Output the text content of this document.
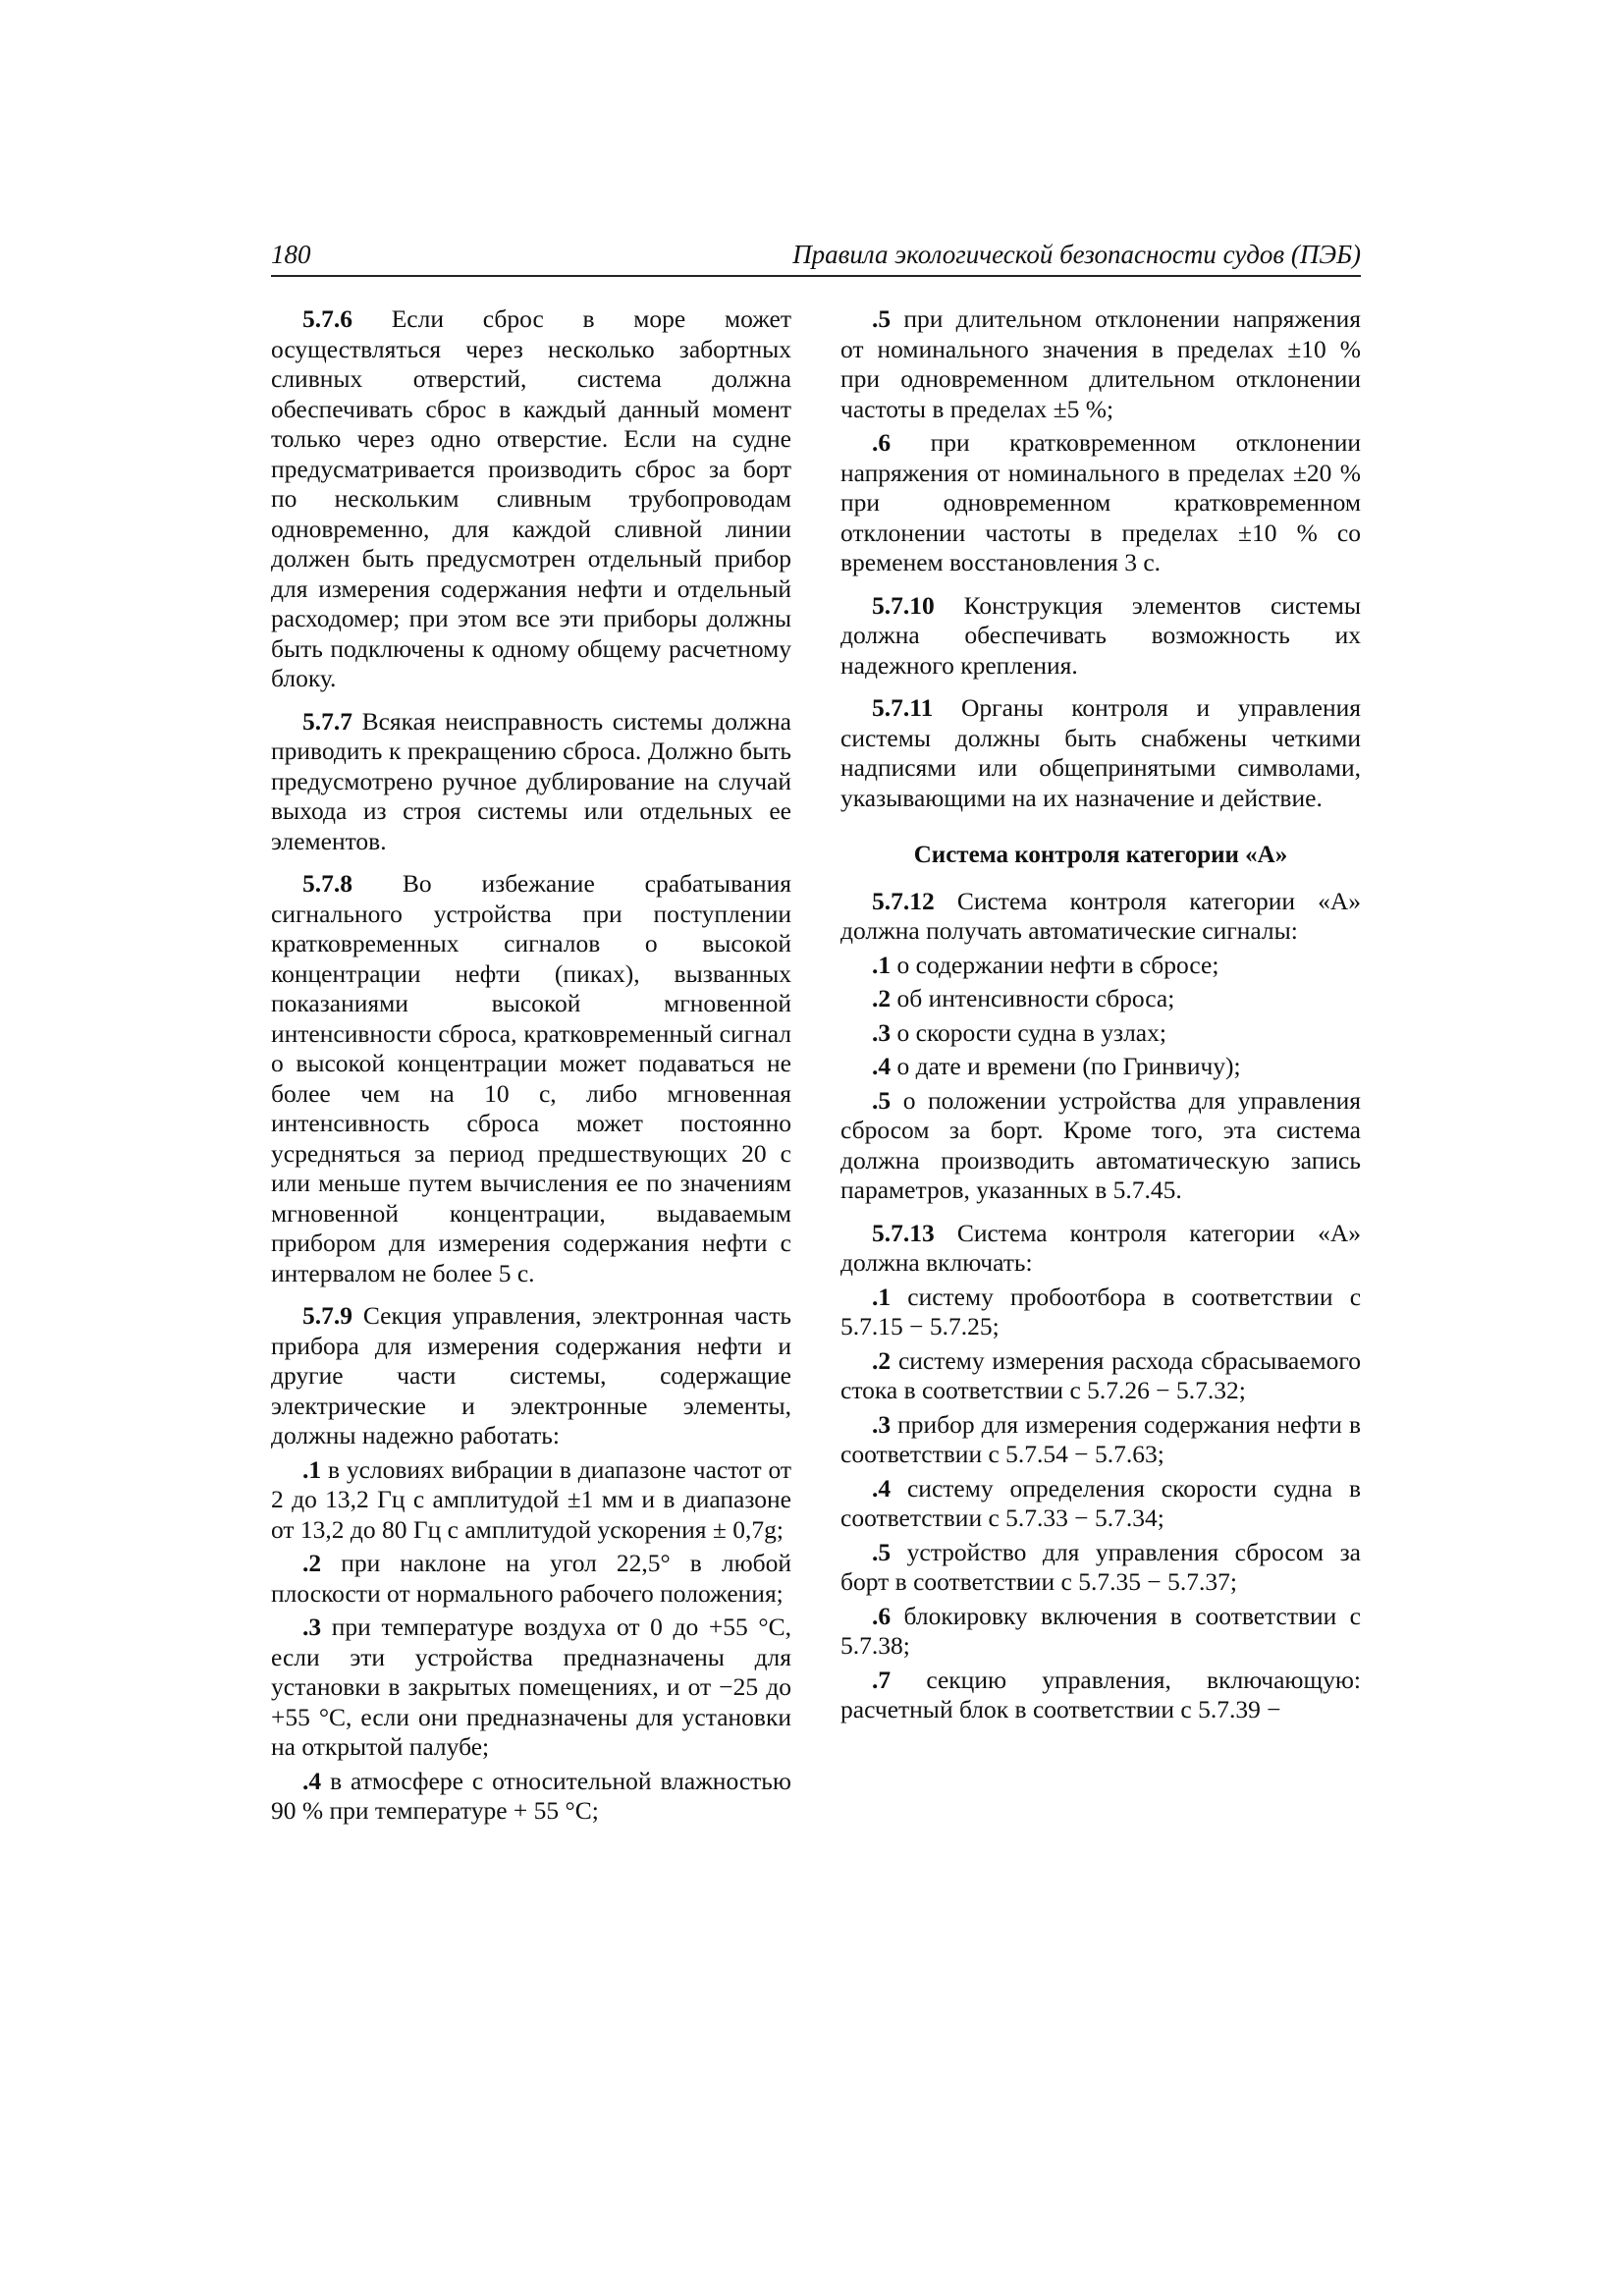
180	Правила экологической безопасности судов (ПЭБ)

5.7.6 Если сброс в море может осуществляться через несколько забортных сливных отверстий, система должна обеспечивать сброс в каждый данный момент только через одно отверстие. Если на судне предусматривается производить сброс за борт по нескольким сливным трубопроводам одновременно, для каждой сливной линии должен быть предусмотрен отдельный прибор для измерения содержания нефти и отдельный расходомер; при этом все эти приборы должны быть подключены к одному общему расчетному блоку.

5.7.7 Всякая неисправность системы должна приводить к прекращению сброса. Должно быть предусмотрено ручное дублирование на случай выхода из строя системы или отдельных ее элементов.

5.7.8 Во избежание срабатывания сигнального устройства при поступлении кратковременных сигналов о высокой концентрации нефти (пиках), вызванных показаниями высокой мгновенной интенсивности сброса, кратковременный сигнал о высокой концентрации может подаваться не более чем на 10 с, либо мгновенная интенсивность сброса может постоянно усредняться за период предшествующих 20 с или меньше путем вычисления ее по значениям мгновенной концентрации, выдаваемым прибором для измерения содержания нефти с интервалом не более 5 с.

5.7.9 Секция управления, электронная часть прибора для измерения содержания нефти и другие части системы, содержащие электрические и электронные элементы, должны надежно работать:

.1 в условиях вибрации в диапазоне частот от 2 до 13,2 Гц с амплитудой ±1 мм и в диапазоне от 13,2 до 80 Гц с амплитудой ускорения ± 0,7g;

.2 при наклоне на угол 22,5° в любой плоскости от нормального рабочего положения;

.3 при температуре воздуха от 0 до +55 °С, если эти устройства предназначены для установки в закрытых помещениях, и от −25 до +55 °С, если они предназначены для установки на открытой палубе;

.4 в атмосфере с относительной влажностью 90 % при температуре + 55 °С;

.5 при длительном отклонении напряжения от номинального значения в пределах ±10 % при одновременном длительном отклонении частоты в пределах ±5 %;

.6 при кратковременном отклонении напряжения от номинального в пределах ±20 % при одновременном кратковременном отклонении частоты в пределах ±10 % со временем восстановления 3 с.

5.7.10 Конструкция элементов системы должна обеспечивать возможность их надежного крепления.

5.7.11 Органы контроля и управления системы должны быть снабжены четкими надписями или общепринятыми символами, указывающими на их назначение и действие.

Система контроля категории «А»

5.7.12 Система контроля категории «А» должна получать автоматические сигналы:

.1 о содержании нефти в сбросе;

.2 об интенсивности сброса;

.3 о скорости судна в узлах;

.4 о дате и времени (по Гринвичу);

.5 о положении устройства для управления сбросом за борт. Кроме того, эта система должна производить автоматическую запись параметров, указанных в 5.7.45.

5.7.13 Система контроля категории «А» должна включать:

.1 систему пробоотбора в соответствии с 5.7.15 − 5.7.25;

.2 систему измерения расхода сбрасываемого стока в соответствии с 5.7.26 − 5.7.32;

.3 прибор для измерения содержания нефти в соответствии с 5.7.54 − 5.7.63;

.4 систему определения скорости судна в соответствии с 5.7.33 − 5.7.34;

.5 устройство для управления сбросом за борт в соответствии с 5.7.35 − 5.7.37;

.6 блокировку включения в соответствии с 5.7.38;

.7 секцию управления, включающую: расчетный блок в соответствии с 5.7.39 −
